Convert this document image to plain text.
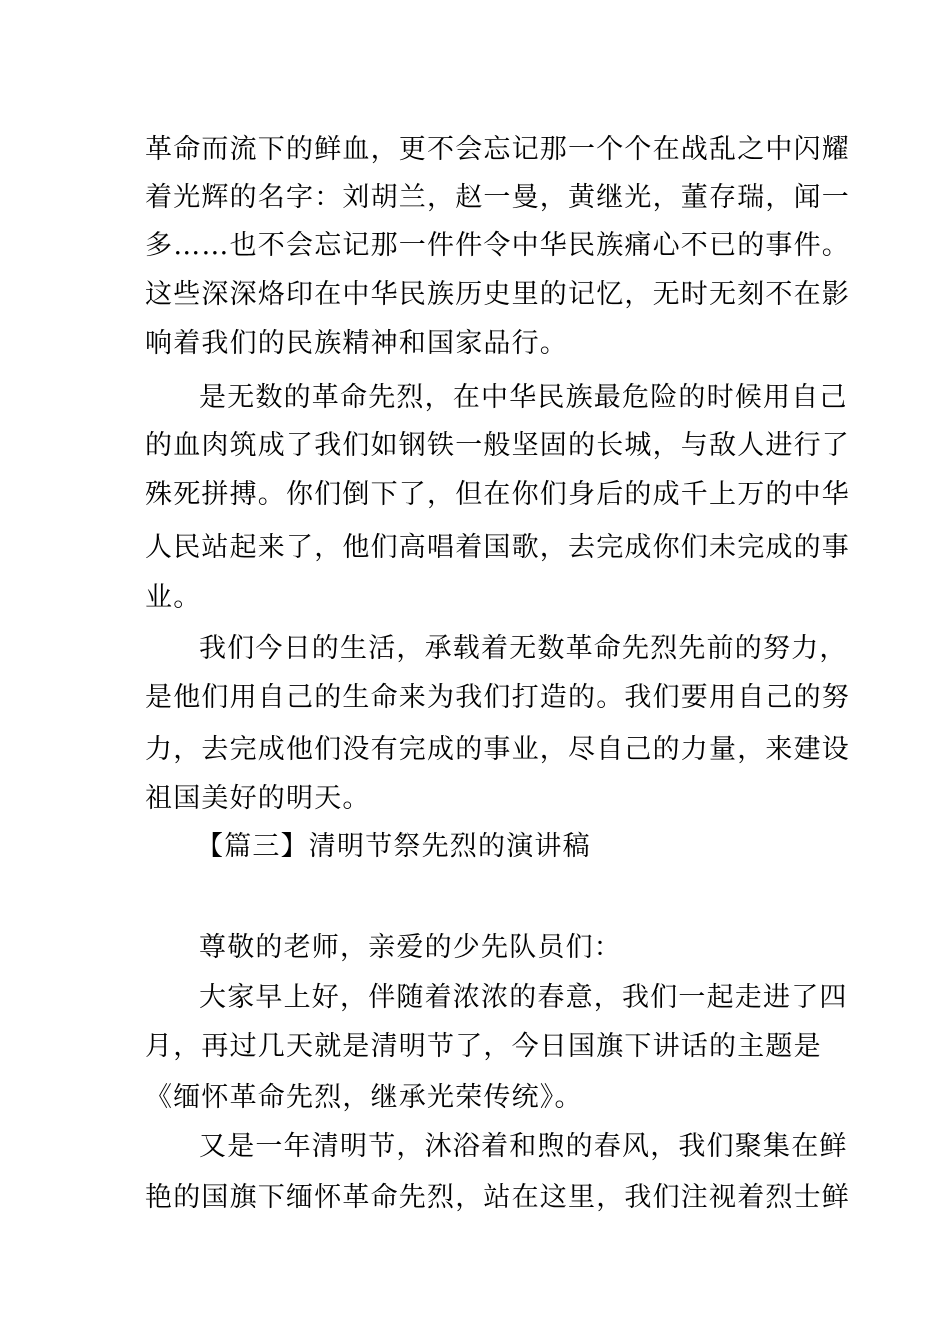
革命而流下的鲜血，更不会忘记那一个个在战乱之中闪耀
着光辉的名字：刘胡兰，赵一曼，黄继光，董存瑞，闻一
多……也不会忘记那一件件令中华民族痛心不已的事件。
这些深深烙印在中华民族历史里的记忆，无时无刻不在影
响着我们的民族精神和国家品行。
是无数的革命先烈，在中华民族最危险的时候用自己
的血肉筑成了我们如钢铁一般坚固的长城，与敌人进行了
殊死拼搏。你们倒下了，但在你们身后的成千上万的中华
人民站起来了，他们高唱着国歌，去完成你们未完成的事
业。
我们今日的生活，承载着无数革命先烈先前的努力，
是他们用自己的生命来为我们打造的。我们要用自己的努
力，去完成他们没有完成的事业，尽自己的力量，来建设
祖国美好的明天。
【篇三】清明节祭先烈的演讲稿
尊敬的老师，亲爱的少先队员们：
大家早上好，伴随着浓浓的春意，我们一起走进了四
月，再过几天就是清明节了，今日国旗下讲话的主题是
《缅怀革命先烈，继承光荣传统》。
又是一年清明节，沐浴着和煦的春风，我们聚集在鲜
艳的国旗下缅怀革命先烈，站在这里，我们注视着烈士鲜
